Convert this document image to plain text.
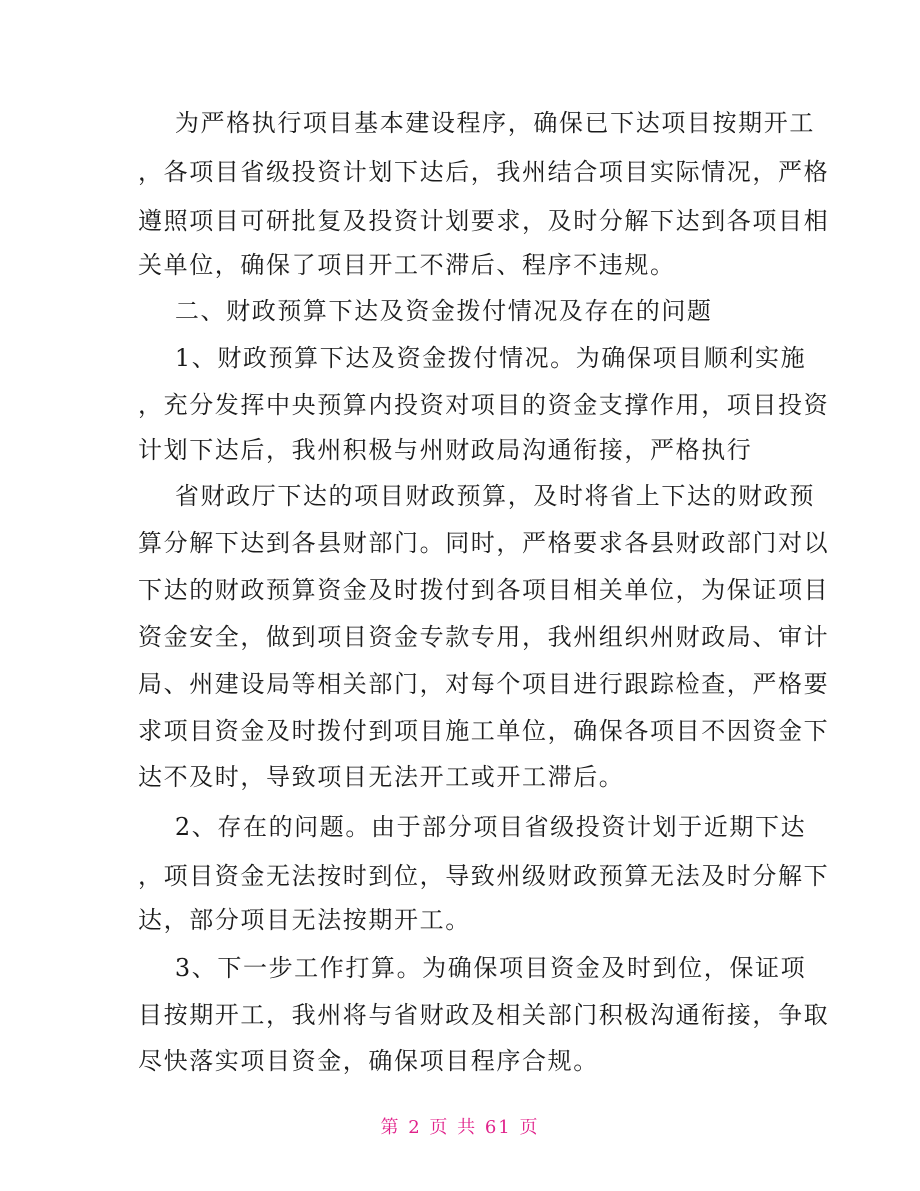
为严格执行项目基本建设程序，确保已下达项目按期开工
，各项目省级投资计划下达后，我州结合项目实际情况，严格
遵照项目可研批复及投资计划要求，及时分解下达到各项目相
关单位，确保了项目开工不滞后、程序不违规。
二、财政预算下达及资金拨付情况及存在的问题
1、财政预算下达及资金拨付情况。为确保项目顺利实施
，充分发挥中央预算内投资对项目的资金支撑作用，项目投资
计划下达后，我州积极与州财政局沟通衔接，严格执行
省财政厅下达的项目财政预算，及时将省上下达的财政预
算分解下达到各县财部门。同时，严格要求各县财政部门对以
下达的财政预算资金及时拨付到各项目相关单位，为保证项目
资金安全，做到项目资金专款专用，我州组织州财政局、审计
局、州建设局等相关部门，对每个项目进行跟踪检查，严格要
求项目资金及时拨付到项目施工单位，确保各项目不因资金下
达不及时，导致项目无法开工或开工滞后。
2、存在的问题。由于部分项目省级投资计划于近期下达
，项目资金无法按时到位，导致州级财政预算无法及时分解下
达，部分项目无法按期开工。
3、下一步工作打算。为确保项目资金及时到位，保证项
目按期开工，我州将与省财政及相关部门积极沟通衔接，争取
尽快落实项目资金，确保项目程序合规。
第 2 页 共 61 页
